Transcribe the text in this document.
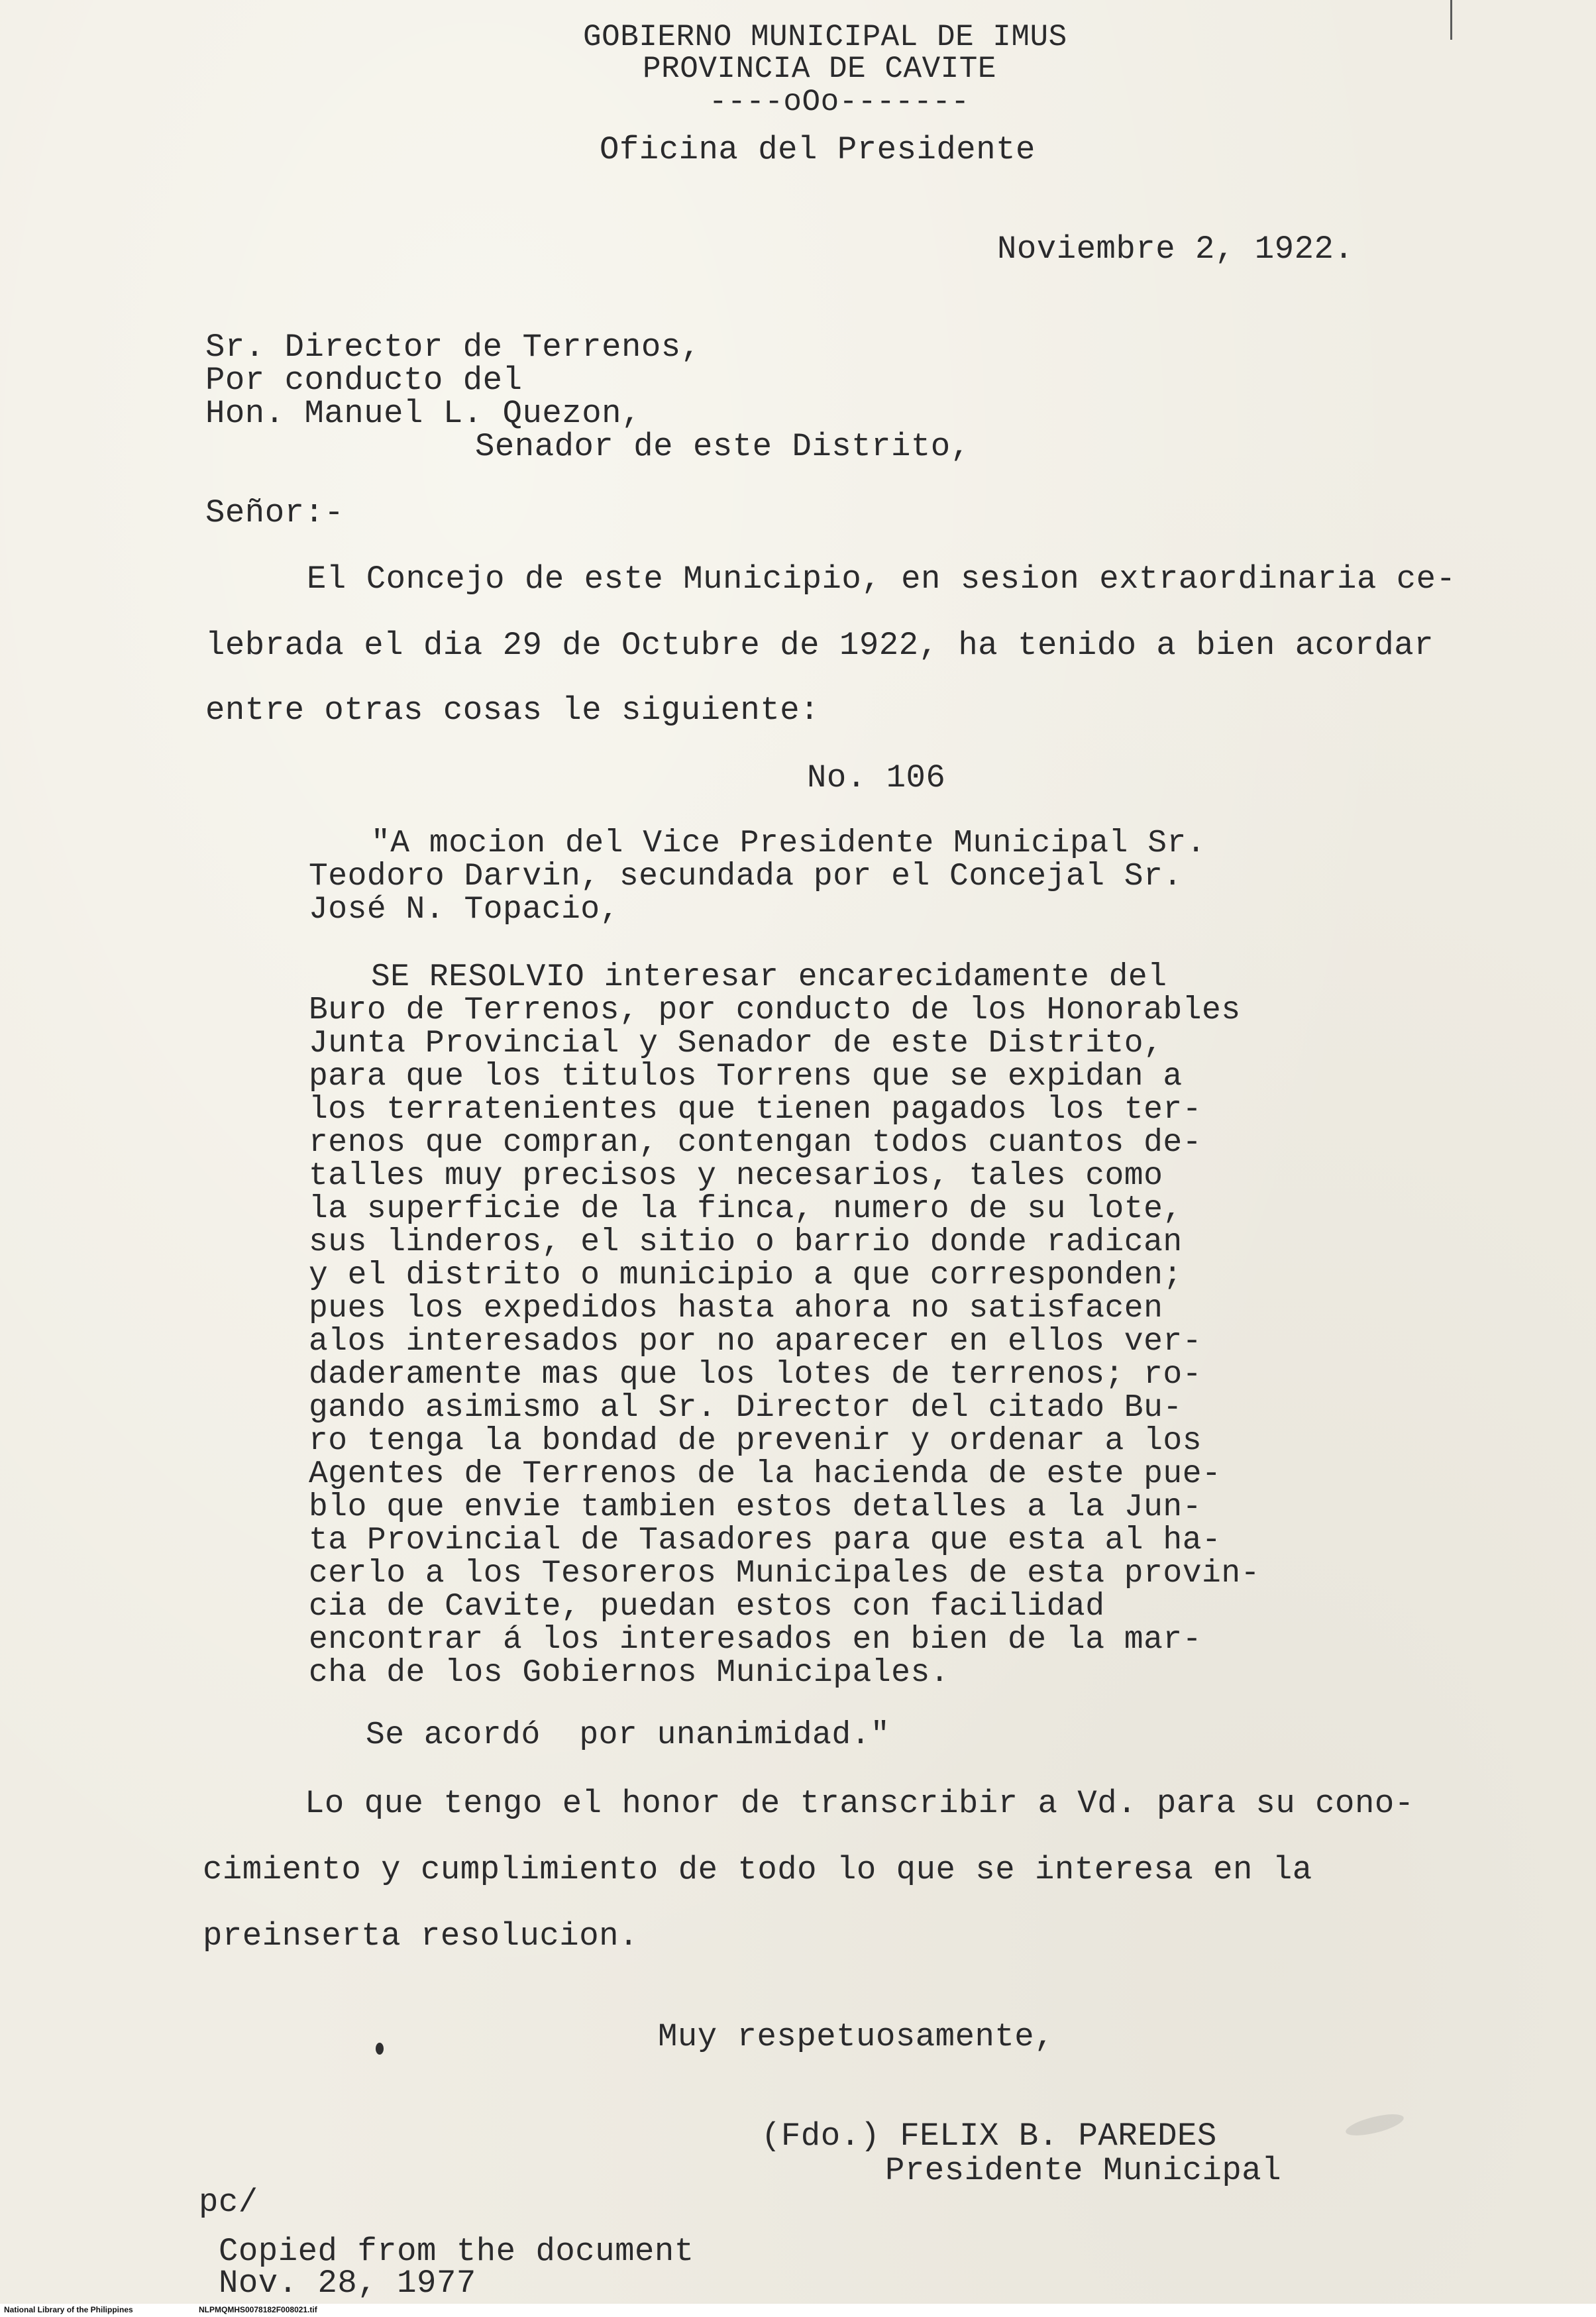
GOBIERNO MUNICIPAL DE IMUS
PROVINCIA DE CAVITE
----oOo-------
Oficina del Presidente
Noviembre 2, 1922.
Sr. Director de Terrenos,
Por conducto del
Hon. Manuel L. Quezon,
Senador de este Distrito,
Señor:-
El Concejo de este Municipio, en sesion extraordinaria ce-
lebrada el dia 29 de Octubre de 1922, ha tenido a bien acordar
entre otras cosas le siguiente:
No. 106
"A mocion del Vice Presidente Municipal Sr.
Teodoro Darvin, secundada por el Concejal Sr.
José N. Topacio,
SE RESOLVIO interesar encarecidamente del
Buro de Terrenos, por conducto de los Honorables
Junta Provincial y Senador de este Distrito,
para que los titulos Torrens que se expidan a
los terratenientes que tienen pagados los ter-
renos que compran, contengan todos cuantos de-
talles muy precisos y necesarios, tales como
la superficie de la finca, numero de su lote,
sus linderos, el sitio o barrio donde radican
y el distrito o municipio a que corresponden;
pues los expedidos hasta ahora no satisfacen
alos interesados por no aparecer en ellos ver-
daderamente mas que los lotes de terrenos; ro-
gando asimismo al Sr. Director del citado Bu-
ro tenga la bondad de prevenir y ordenar a los
Agentes de Terrenos de la hacienda de este pue-
blo que envie tambien estos detalles a la Jun-
ta Provincial de Tasadores para que esta al ha-
cerlo a los Tesoreros Municipales de esta provin-
cia de Cavite, puedan estos con facilidad
encontrar á los interesados en bien de la mar-
cha de los Gobiernos Municipales.
Se acordó  por unanimidad."
Lo que tengo el honor de transcribir a Vd. para su cono-
cimiento y cumplimiento de todo lo que se interesa en la
preinserta resolucion.
Muy respetuosamente,
(Fdo.) FELIX B. PAREDES
Presidente Municipal
pc/
Copied from the document
Nov. 28, 1977
National Library of the Philippines	NLPMQMHS0078182F008021.tif
